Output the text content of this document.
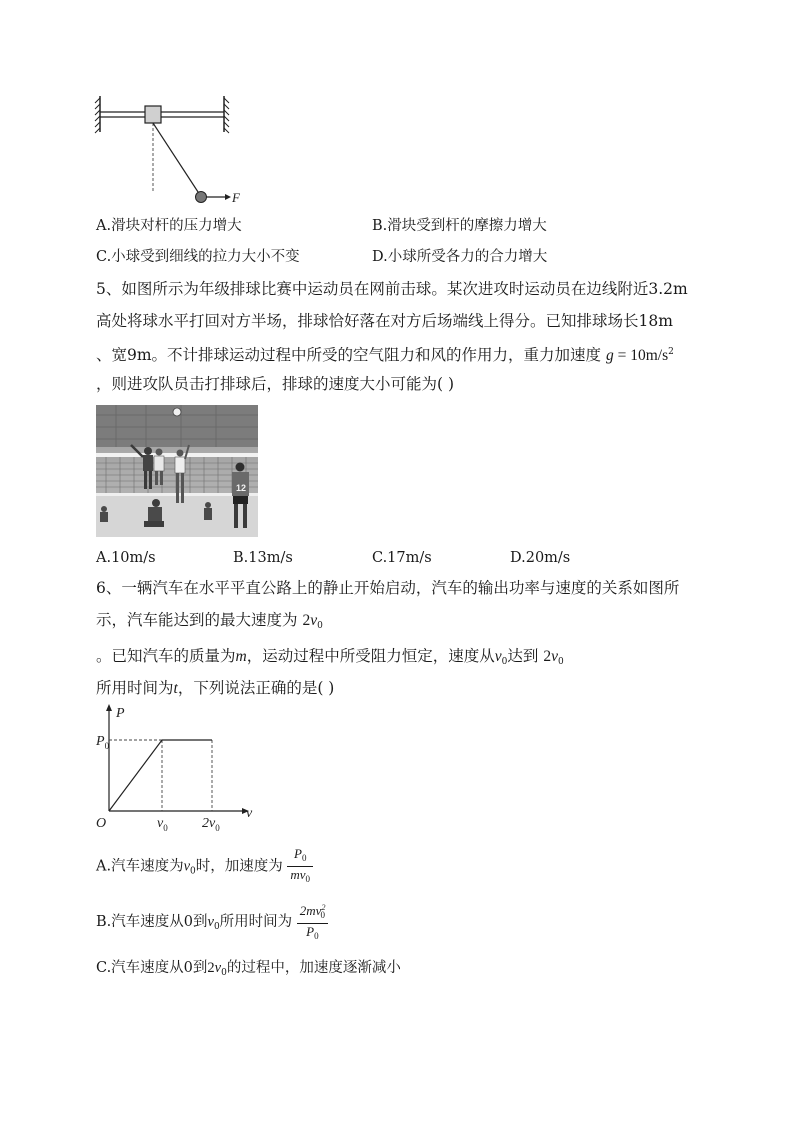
F
A.滑块对杆的压力增大	B.滑块受到杆的摩擦力增大
C.小球受到细线的拉力大小不变	D.小球所受各力的合力增大
5、如图所示为年级排球比赛中运动员在网前击球。某次进攻时运动员在边线附近3.2m
高处将球水平打回对方半场，排球恰好落在对方后场端线上得分。已知排球场长18m
、宽9m。不计排球运动过程中所受的空气阻力和风的作用力，重力加速度 $g = 10m/s^2$
，则进攻队员击打排球后，排球的速度大小可能为( )
12
A.10m/s	B.13m/s	C.17m/s	D.20m/s
6、一辆汽车在水平平直公路上的静止开始启动，汽车的输出功率与速度的关系如图所
示，汽车能达到的最大速度为 $2v_0$
。已知汽车的质量为m，运动过程中所受阻力恒定，速度从$v_0$达到 $2v_0$
所用时间为t，下列说法正确的是( )
P
v
O
$P_0$
$v_0$ $2v_0$
A.汽车速度为$v_0$时，加速度为 $\frac{P_0}{mv_0}$
B.汽车速度从0到$v_0$所用时间为 $\frac{2mv^2_0}{P_0}$
C.汽车速度从0到$2v_0$的过程中，加速度逐渐减小
